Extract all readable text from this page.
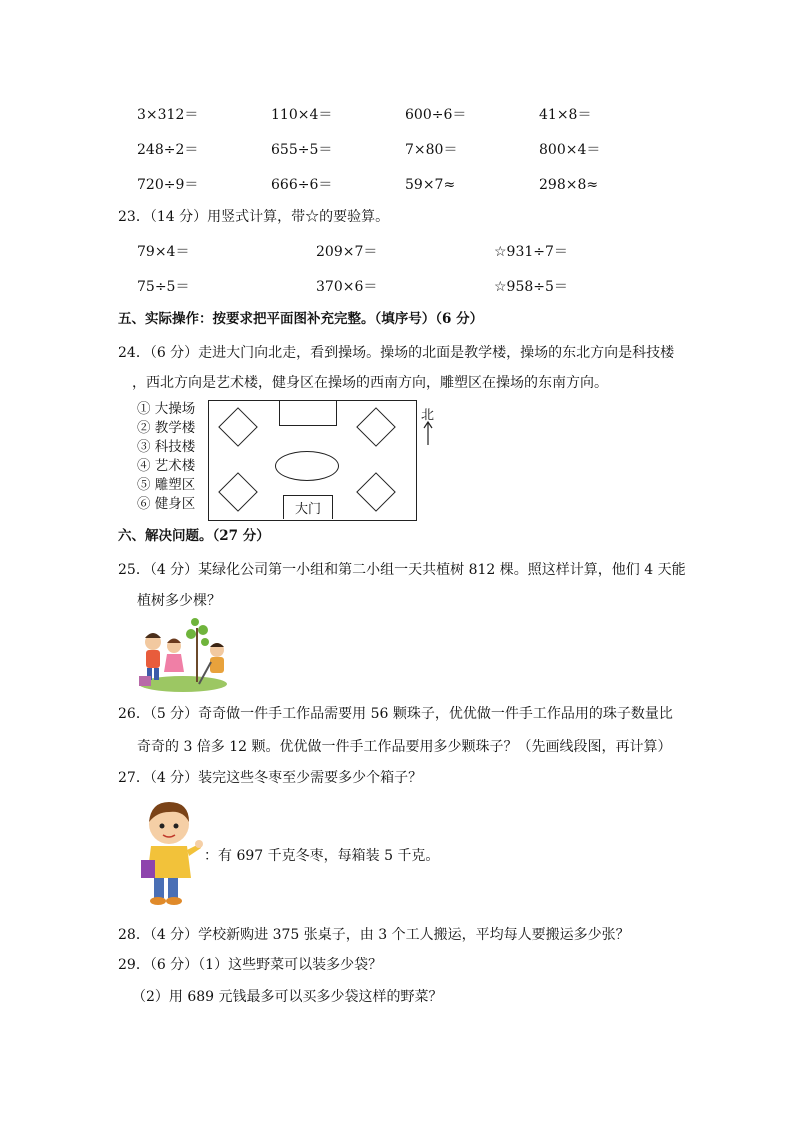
3×312＝	110×4＝	600÷6＝	41×8＝
248÷2＝	655÷5＝	7×80＝	800×4＝
720÷9＝	666÷6＝	59×7≈	298×8≈
23．（14 分）用竖式计算，带☆的要验算。
79×4＝	209×7＝	☆931÷7＝
75÷5＝	370×6＝	☆958÷5＝
五、实际操作：按要求把平面图补充完整。（填序号）（6 分）
24．（6 分）走进大门向北走，看到操场。操场的北面是教学楼，操场的东北方向是科技楼
，西北方向是艺术楼，健身区在操场的西南方向，雕塑区在操场的东南方向。
① 大操场
② 教学楼
③ 科技楼
④ 艺术楼
⑤ 雕塑区
⑥ 健身区	大门
北
六、解决问题。（27 分）
25．（4 分）某绿化公司第一小组和第二小组一天共植树 812 棵。照这样计算，他们 4 天能
植树多少棵？
26．（5 分）奇奇做一件手工作品需要用 56 颗珠子，优优做一件手工作品用的珠子数量比
奇奇的 3 倍多 12 颗。优优做一件手工作品要用多少颗珠子？（先画线段图，再计算）
27．（4 分）装完这些冬枣至少需要多少个箱子？
：有 697 千克冬枣，每箱装 5 千克。
28．（4 分）学校新购进 375 张桌子，由 3 个工人搬运，平均每人要搬运多少张？
29．（6 分）（1）这些野菜可以装多少袋？
（2）用 689 元钱最多可以买多少袋这样的野菜？
